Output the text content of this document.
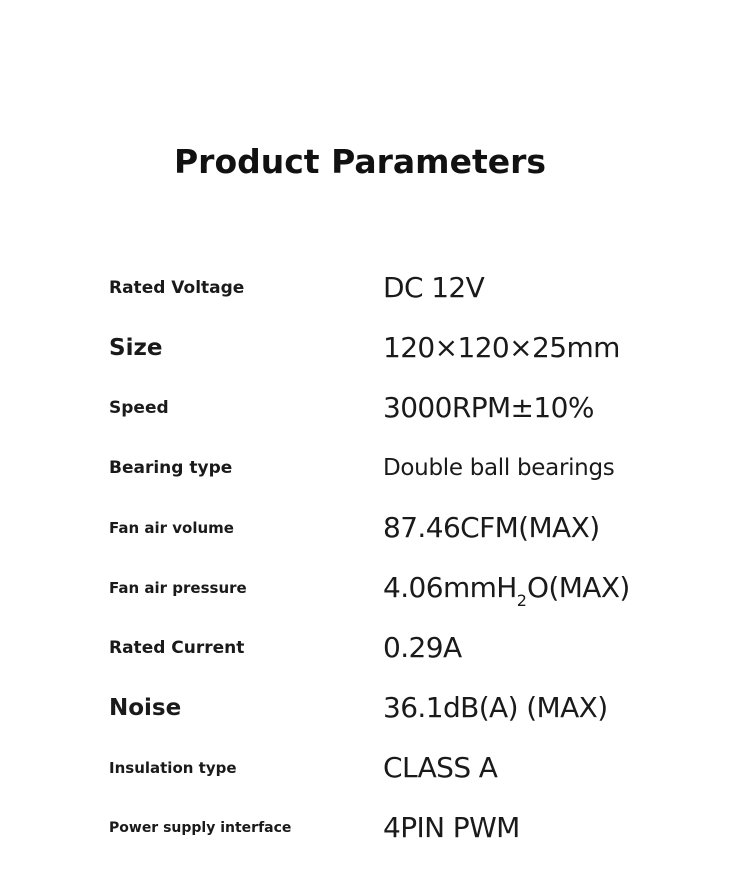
Product Parameters
Rated Voltage	DC 12V
Size	120×120×25mm
Speed	3000RPM±10%
Bearing type	Double ball bearings
Fan air volume	87.46CFM(MAX)
Fan air pressure	4.06mmH$_2$O(MAX)
Rated Current	0.29A
Noise	36.1dB(A) (MAX)
Insulation type	CLASS A
Power supply interface	4PIN PWM
